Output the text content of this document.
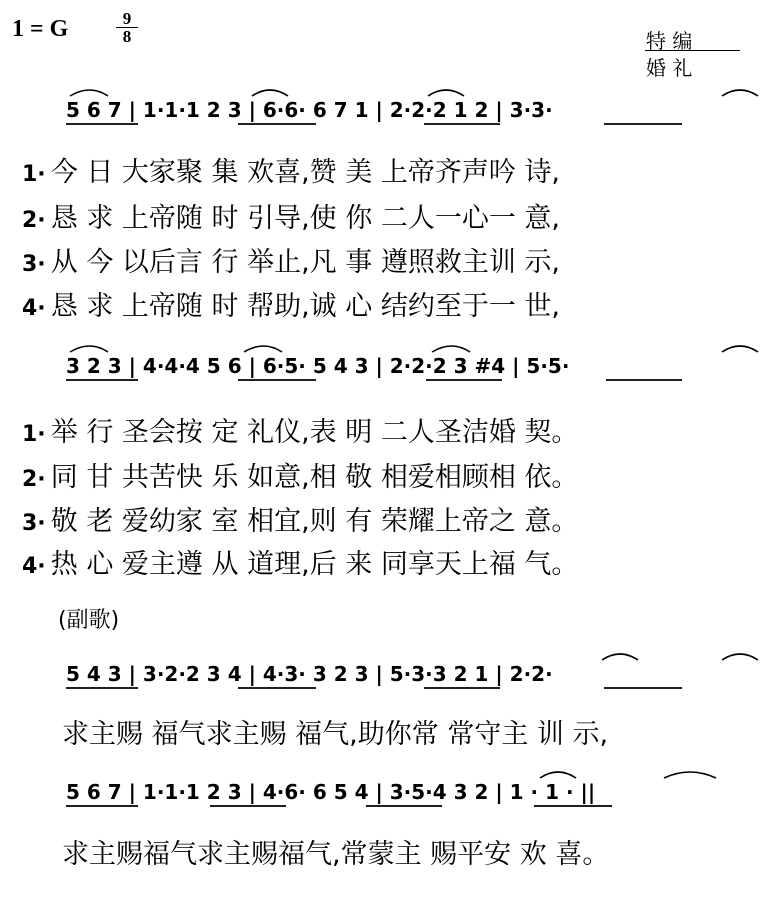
1 = G	$\frac{9}{8}$	特 编
婚 礼
5 6 7 | 1·1·1 2 3 | 6·6· 6 7 1 | 2·2·2 1 2 | 3·3·
1· 今 日 大家聚 集 欢喜,赞 美 上帝齐声吟 诗,
2· 恳 求 上帝随 时 引导,使 你 二人一心一 意,
3· 从 今 以后言 行 举止,凡 事 遵照救主训 示,
4· 恳 求 上帝随 时 帮助,诚 心 结约至于一 世,
3 2 3 | 4·4·4 5 6 | 6·5· 5 4 3 | 2·2·2 3 #4 | 5·5·
1· 举 行 圣会按 定 礼仪,表 明 二人圣洁婚 契。
2· 同 甘 共苦快 乐 如意,相 敬 相爱相顾相 依。
3· 敬 老 爱幼家 室 相宜,则 有 荣耀上帝之 意。
4· 热 心 爱主遵 从 道理,后 来 同享天上福 气。
(副歌)
5 4 3 | 3·2·2 3 4 | 4·3· 3 2 3 | 5·3·3 2 1 | 2·2·
求主赐 福气求主赐 福气,助你常 常守主 训 示,
5 6 7 | 1·1·1 2 3 | 4·6· 6 5 4 | 3·5·4 3 2 | 1 · 1 · ||
求主赐福气求主赐福气,常蒙主 赐平安 欢 喜。
